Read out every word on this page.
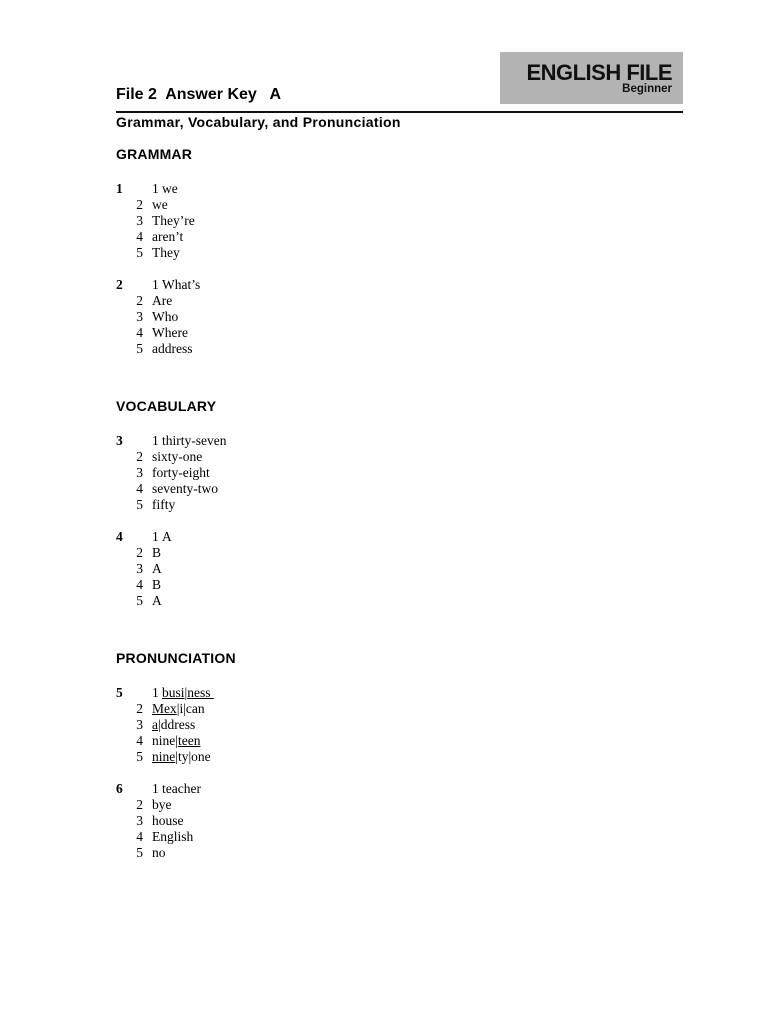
ENGLISH FILE
Beginner
File 2  Answer Key   A
Grammar, Vocabulary, and Pronunciation
GRAMMAR
1 1 we
2 we
3 They’re
4 aren’t
5 They
2 1 What’s
2 Are
3 Who
4 Where
5 address
VOCABULARY
3 1 thirty-seven
2 sixty-one
3 forty-eight
4 seventy-two
5 fifty
4 1 A
2 B
3 A
4 B
5 A
PRONUNCIATION
5 1 busi|ness
2 Mex|i|can
3 a|ddress
4 nine|teen
5 nine|ty|one
6 1 teacher
2 bye
3 house
4 English
5 no
